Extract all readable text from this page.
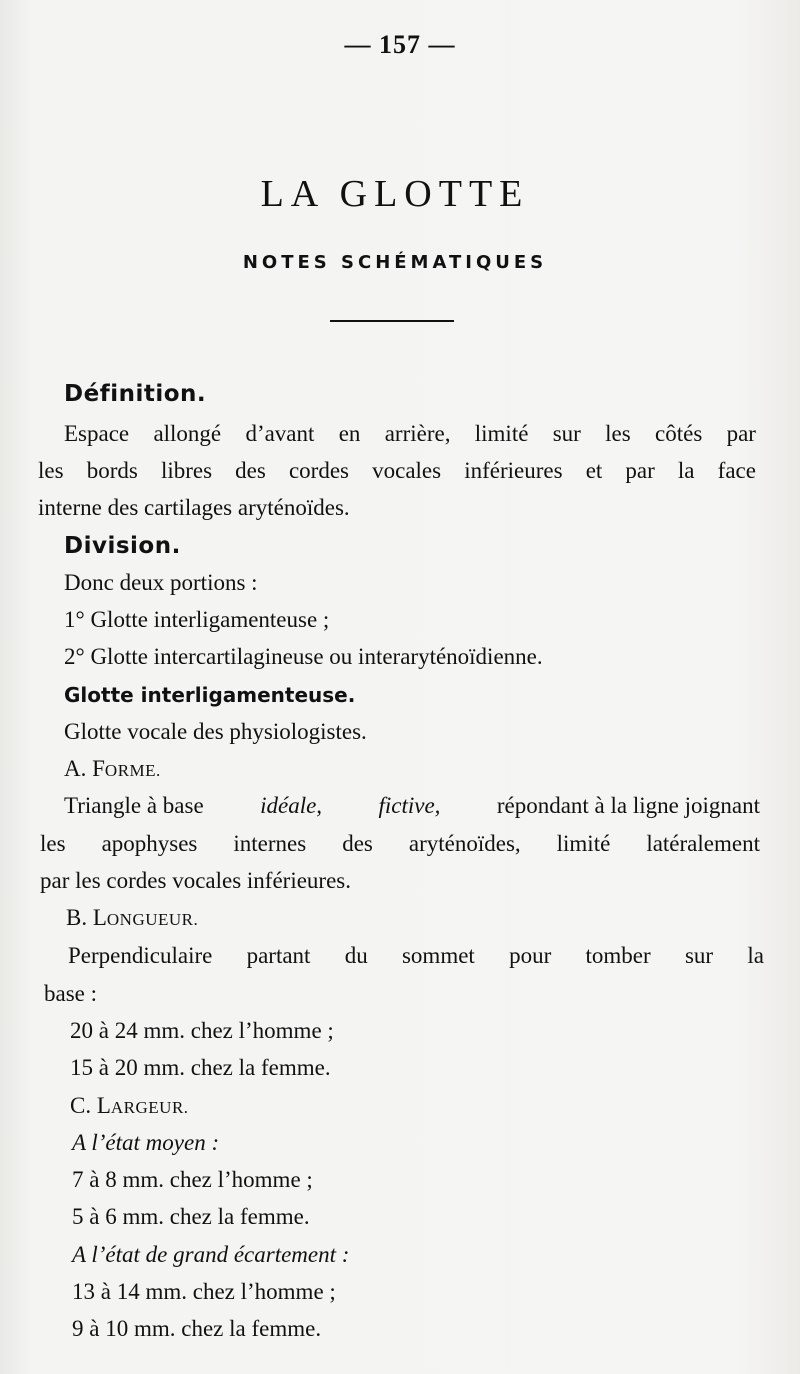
— 157 —
LA GLOTTE
NOTES SCHÉMATIQUES
Définition.
Espace allongé d’avant en arrière, limité sur les côtés par
les bords libres des cordes vocales inférieures et par la face
interne des cartilages aryténoïdes.
Division.
Donc deux portions :
1° Glotte interligamenteuse ;
2° Glotte intercartilagineuse ou interaryténoïdienne.
Glotte interligamenteuse.
Glotte vocale des physiologistes.
A. FORME.
Triangle à base idéale, fictive, répondant à la ligne joignant
les apophyses internes des aryténoïdes, limité latéralement
par les cordes vocales inférieures.
B. LONGUEUR.
Perpendiculaire partant du sommet pour tomber sur la
base :
20 à 24 mm. chez l’homme ;
15 à 20 mm. chez la femme.
C. LARGEUR.
A l’état moyen :
7 à 8 mm. chez l’homme ;
5 à 6 mm. chez la femme.
A l’état de grand écartement :
13 à 14 mm. chez l’homme ;
9 à 10 mm. chez la femme.
